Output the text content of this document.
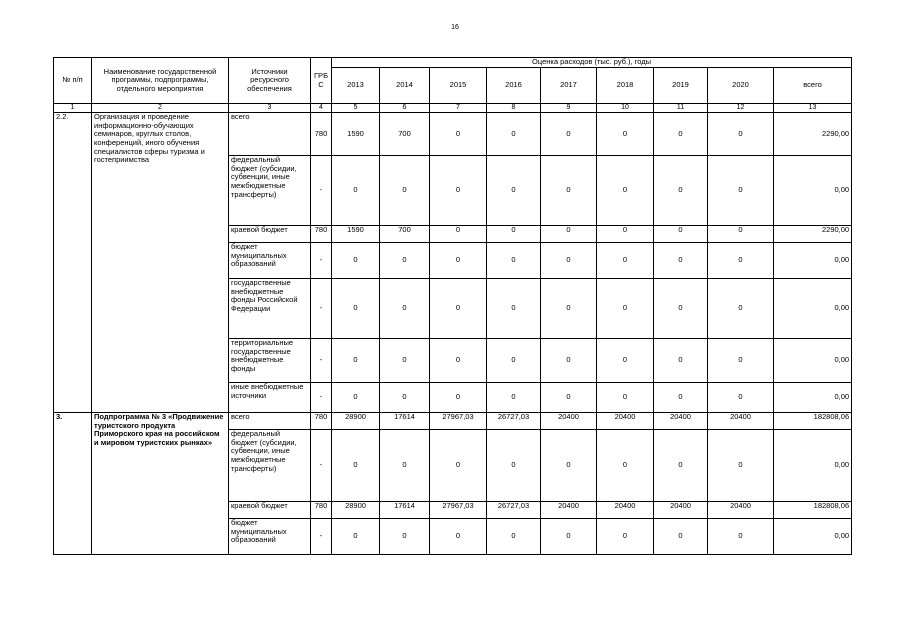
16
№ п/п	Наименование государственной программы, подпрограммы, отдельного мероприятия	Источники ресурсного обеспечения	ГРБ С	Оценка расходов (тыс. руб.), годы								
				2013	2014	2015	2016	2017	2018	2019	2020	всего
1	2	3	4	5	6	7	8	9	10	11	12	13
2.2.	Организация и проведение информационно-обучающих семинаров, круглых столов, конференций, иного обучения специалистов сферы туризма и гостеприимства	всего	780	1590	700	0	0	0	0	0	0	2290,00
		федеральный бюджет (субсидии, субвенции, иные межбюджетные трансферты)	-	0	0	0	0	0	0	0	0	0,00
		краевой бюджет	780	1590	700	0	0	0	0	0	0	2290,00
		бюджет муниципальных образований	-	0	0	0	0	0	0	0	0	0,00
		государственные внебюджетные фонды Российской Федерации	-	0	0	0	0	0	0	0	0	0,00
		территориальные государственные внебюджетные фонды	-	0	0	0	0	0	0	0	0	0,00
		иные внебюджетные источники	-	0	0	0	0	0	0	0	0	0,00
3.	Подпрограмма № 3 «Продвижение туристского продукта Приморского края на российском и мировом туристских рынках»	всего	780	28900	17614	27967,03	26727,03	20400	20400	20400	20400	182808,06
		федеральный бюджет (субсидии, субвенции, иные межбюджетные трансферты)	-	0	0	0	0	0	0	0	0	0,00
		краевой бюджет	780	28900	17614	27967,03	26727,03	20400	20400	20400	20400	182808,06
		бюджет муниципальных образований	-	0	0	0	0	0	0	0	0	0,00
